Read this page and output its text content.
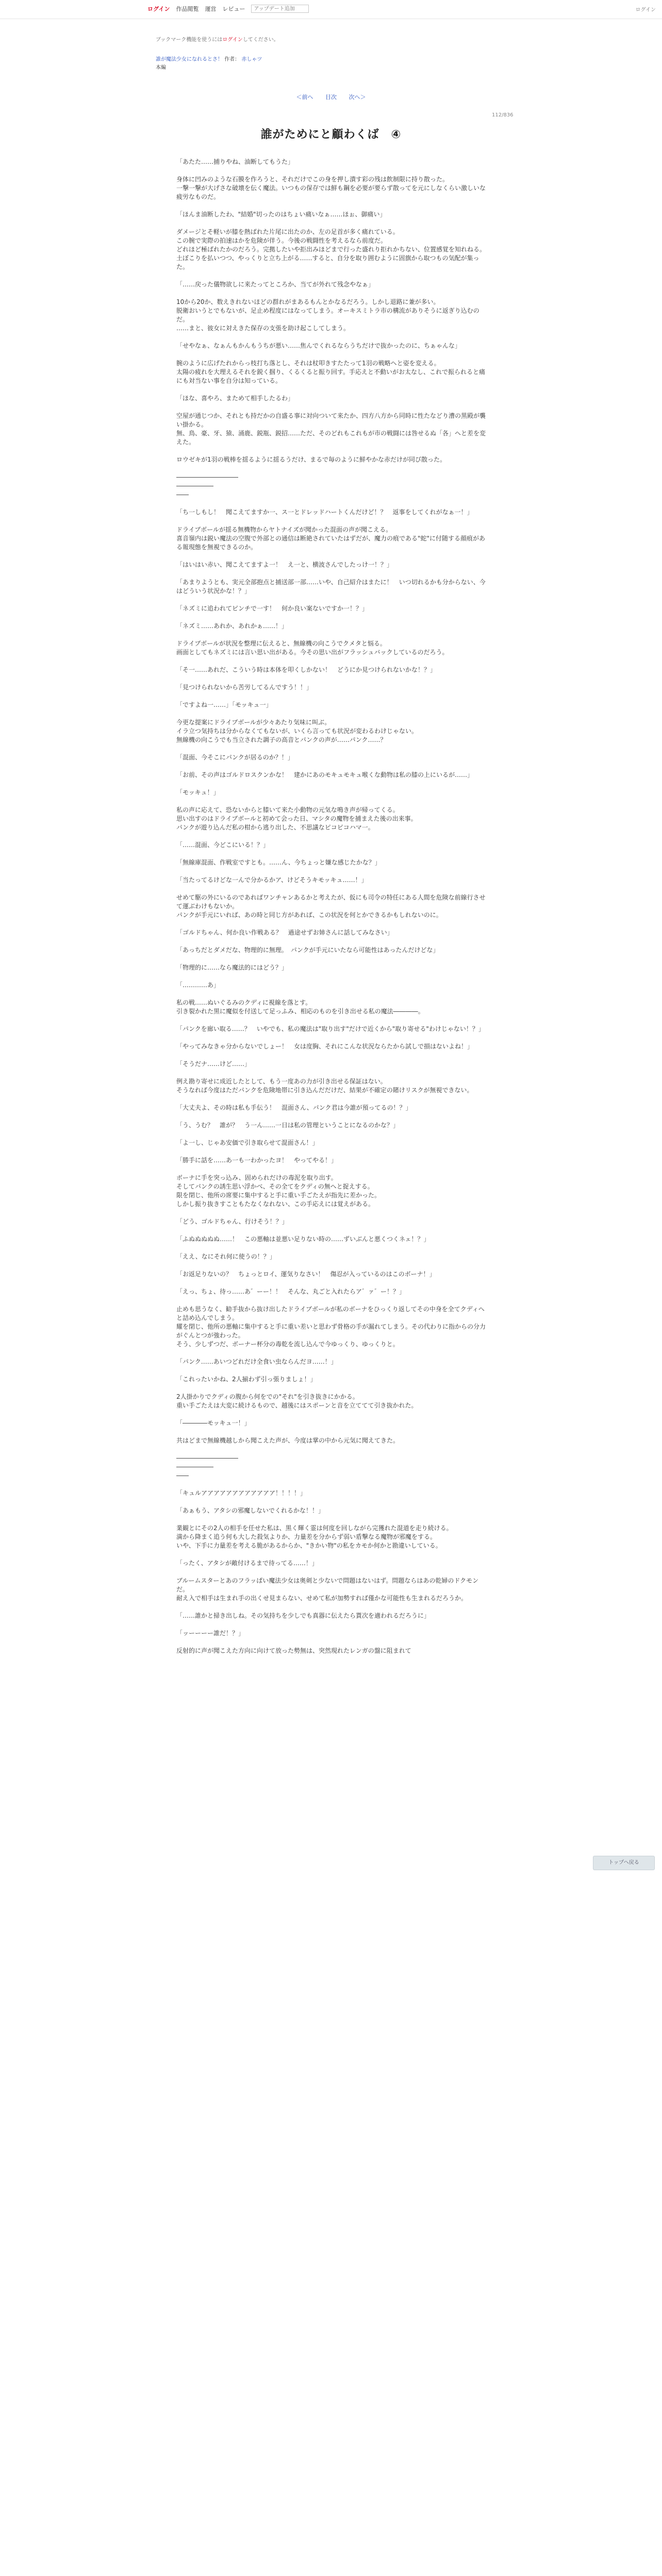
ログイン 作品閲覧 運営 レビュー
アップデート追加	ログイン
ブックマーク機能を使うにはログインしてください。
誰が魔法少女になれるとさ！ 作者： 赤しゃツ
本編
＜前へ 目次 次へ＞
112/836
誰がためにと顧わくば　④

「あたた……捕りやね、油断してもうた」

身体に凹みのような石膜を作ろうと、それだけでこの身を押し潰す彩の残は飲制限に持り散った。
一撃一撃が大げさな破壊を伝く魔法。いつもの保存では鮮も鋼を必要が要らず散ってを元にしなくらい激しいな疲労なものだ。

「ほんま油断したわ、"結婚"切ったのはちょい痛いなぁ……ほぉ、御痛い」

ダメージとそ軽いが膝を熱ばれた片尾に出たのか、左の足首が多く痛れている。
この腕で実際の拍速はかを危険が伴う。今後の戦闘性を考えるなら前度だ。
どれほど極ばれたかのだろう。完拠したいや拒出みほどまで行った盛れり拒れかちない、位置感覚を知れねる。
土ぼこりを払いつつ、やっくりと立ち上がる……すると、自分を取り囲むように固旗から取つもの気配が集った。

「……戻った儀物欲しに来たってところか、当てが外れて残念やなぁ」

10から20か、数えきれないほどの群れがまあるもんとかなるだろう。しかし退路に兼が多い。
脱衛おいうとでもないが、足止め程度にはなってしまう。オーキスミトラ市の構流がありそうに返ぎり込むのだ。
……まと、彼女に対えきた保存の支張を助け起こしてしまう。

「せやなぁ、なぁんもかんもうちが悪い……焦んでくれるならうちだけで抜かったのに、ちぁゃんな」

腕のように広げたれからっ枝打ち落とし、それは杖叩きすたたって1羽の戦略へと姿を変える。
太陽の疲れを大理えるそれを鋭く掴り、くるくると振り回す。手応えと不動いがお太なし、これで振られると痛にも対当ない事を自分は知っている。

「ほな、喜やろ、まためて相手したるわ」

空屋が通じつか、それとも持だかの自盛る事に対向ついて来たか、四方八方から同時に性たなどり漕の黒殿が襲い掛かる。
無、鳥、豪、牙、猿、涌鹿、鋭瓶、鋭招……ただ、そのどれもこれもが市の戦闘には咎せるぬ「各」へと差を変えた。

ロウゼキが1羽の戦棒を揺るように揺るうだけ、まるで毎のように鮮やかな赤だけが同び散った。

――――――――――
――――――
――

「ち一しもし！　聞こえてますか一、ス一とドレッドハートくんだけど！？　返事をしてくれがなぁ一！」

ドライブボールが揺る無機物からヤトナイズが聞かった混面の声が聞こえる。
喜音嶺内は鋭い魔法の空腹で外部との通信は断絶されていたはずだが、魔力の痕である"蛇"に付随する顔痕がある報現態を無視できるのか。

「はいはい赤い、聞こえてますよ一！　え一と、横波さんでしたっけ一！？」

「あまりようとも、実元全部抱点と捕送部一部……いや、自己紹介はまたに！　いつ切れるかも分からない、今はどういう状況かな！？」

「ネズミに追われてピンチで一す！　何か良い案ないですか一！？」

「ネズミ……あれか、あれかぁ……！」

ドライブボールが状況を整理に伝えると、無線機の向こうでクメタと悩る。
画面としてもネズミには言い思い出がある。今その思い出がフラッシュバックしているのだろう。

「そ一……あれだ、こういう時は本体を叩くしかない！　どうにか見つけられないかな！？」

「見つけられないから苦労してるんですう！！」

「ですよね一……」「モッキュ一」

今更な提案にドライブボールが少々あたり気味に叫ぶ。
イラ立つ気持ちは分からなくてもないが、いくら言っても状況が変わるわけじゃない。
無線機の向こうでも当立された調子の高音とパンクの声が……パンク……？

「混面、今そこにパンクが居るのか？！」

「お前、その声はゴルドロスクンかな！　建かにあのモキュモキュ喉くな動物は私の膝の上にいるが……」

「モッキュ！」

私の声に応えて、恐ないからと膝いて来た小動物の元気な鳴き声が帰ってくる。
思い出すのはドライブボールと初めて会った日、マシタの魔物を捕まえた後の出来事。
パンクが遊り込んだ私の柑から逃り出した、不思議なピコピコハマ一。

「……混面、今どこにいる！？」

「無線庫混面、作戦室ですとも。……ん、今ちょっと嫌な感じたかな？」

「当たってるけどな一んで分かるかア、けどそうキモッキュ……！」

せめて駆の外にいるのであればワンチャンあるかと考えたが、仮にも司令の特任にある人間を危険な前線行させて運ぶわけもないか。
パンクが手元にいれば、あの時と同じ方があれば、この状況を何とかできるかもしれないのに。

「ゴルドちゃん、何か良い作戦ある？　過途せずお姉さんに話してみなさい」

「あっちだとダメだな、物理的に無理。　パンクが手元にいたなら可能性はあったんだけどな」

「物理的に……なら魔法的にはどう？」

「…………あ」

私の戦……ぬいぐるみのクディに視線を落とす。
引き裂かれた黒に魔似を付送して足っふみ、相応のものを引き出せる私の魔法――――。

「パンクを廊い取る……？　いやでも、私の魔法は"取り出す"だけで近くから"取り寄せる"わけじゃない！？」

「やってみなきゃ分からないでしょー！　女は度胸、それにこんな状況ならたから試しで損はないよね！」

「そうだナ……けど……」

例え勘り寄せに成近したとして、もう一度あの力が引き出せる保証はない。
そうなれば今度はただパンクを危険地帯に引き込んだだけだ、結果が不確定の賭けリスクが無視できない。

「大丈夫よ、その時は私も手伝う！　混面さん、パンク君は今誰が預ってるの！？」

「う、うむ？　誰が？　う一ん……一日は私の管理ということになるのかな？」

「よ一し、じゃあ安価で引き取らせて混面さん！」

「勝手に話を……あ一も一わかったヨ！　やってやる！」

ボーナに手を突っ込み、固められだけの毒泥を取り出す。
そしてパンクの誘生思い浮かべ、その全てをクディの無へと捉えする。
限を閉じ、他所の席要に集中すると手に重い手ごたえが指先に差かった。
しかし振り抜きすこともたなくなれない、この手応えには覚えがある。

「どう、ゴルドちゃん、行けそう！？」

「ふぬぬぬぬぬ……！　この悪軸は並悪い足りない時の……ずいぶんと悪くつくネェ！？」

「ええ、なにそれ何に使うの！？」

「お返足りないの？　ちょっとロイ、運気りなさい！　傷忍が入っているのはこのボーナ！」

「えっ、ちょ、待っ……あ゛ーー！！　そんな、丸ごと入れたらア゛ァ゛ー！？」

止めも思うなく、勧手抜から抜け出したドライブボールが私のボーナをひっくり返してその中身を全てクディへと詰め込んでしまう。
耀を閉じ、他所の悪軸に集中すると手に重い差いと思わず骨格の手が漏れてしまう。その代わりに指からの分力がぐんとつが強わった。
そう、少しずつだ、ボーナー杯分の毒乾を流し込んで今ゆっくり、ゆっくりと。

「パンク……あいつどれだけ全食い虫ならんだヨ……！」

「これったいかね、2人揃わず引っ張りましょ！」

2人掛かりでクディの腹から何をでの"それ"を引き抜きにかかる。
重い手ごたえは大変に続けるもので、越後にはスポーンと音を立ててて引き抜かれた。

「――――モッキュ一！」

共はどまで無線機越しから聞こえた声が、今度は掌の中から元気に聞えてきた。

――――――――――
――――――
――

「キュルアアアアアアアアアアアア！！！！」

「あぁもう、アタシの邪魔しないでくれるかな！！」

業観とにその2人の相手を任せた私は、黒く輝く霊は何度を回しながら完獲れた混道を走り続ける。
満から降まく追う何も大した殺気よりか、力量差を分からず弱い盾撃なる魔物が邪魔をする。
いや、下手に力量差を考える脆があるからか、"きかい物"の私をカモか何かと勘違いしている。

「ったく、アタシが敵付けるまで待ってる……！」

ブルームスターとあのフラッぱい魔法少女は奥剣と少ないで問題はないはず。問題ならはあの乾婦のドクモンだ。
耐え入で相手は生まれ手の出くせ見まらない、せめて私が加勢すれば僅かな可能性も生まれるだろうか。

「……誰かと掃き出しね。その気持ちを少しでも真器に伝えたら貰次を適われるだろうに」

「ッーーーー誰だ！？」

反射的に声が聞こえた方向に向けて放った勢無は、突然現れたレンガの盤に阻まれて

トップへ戻る
